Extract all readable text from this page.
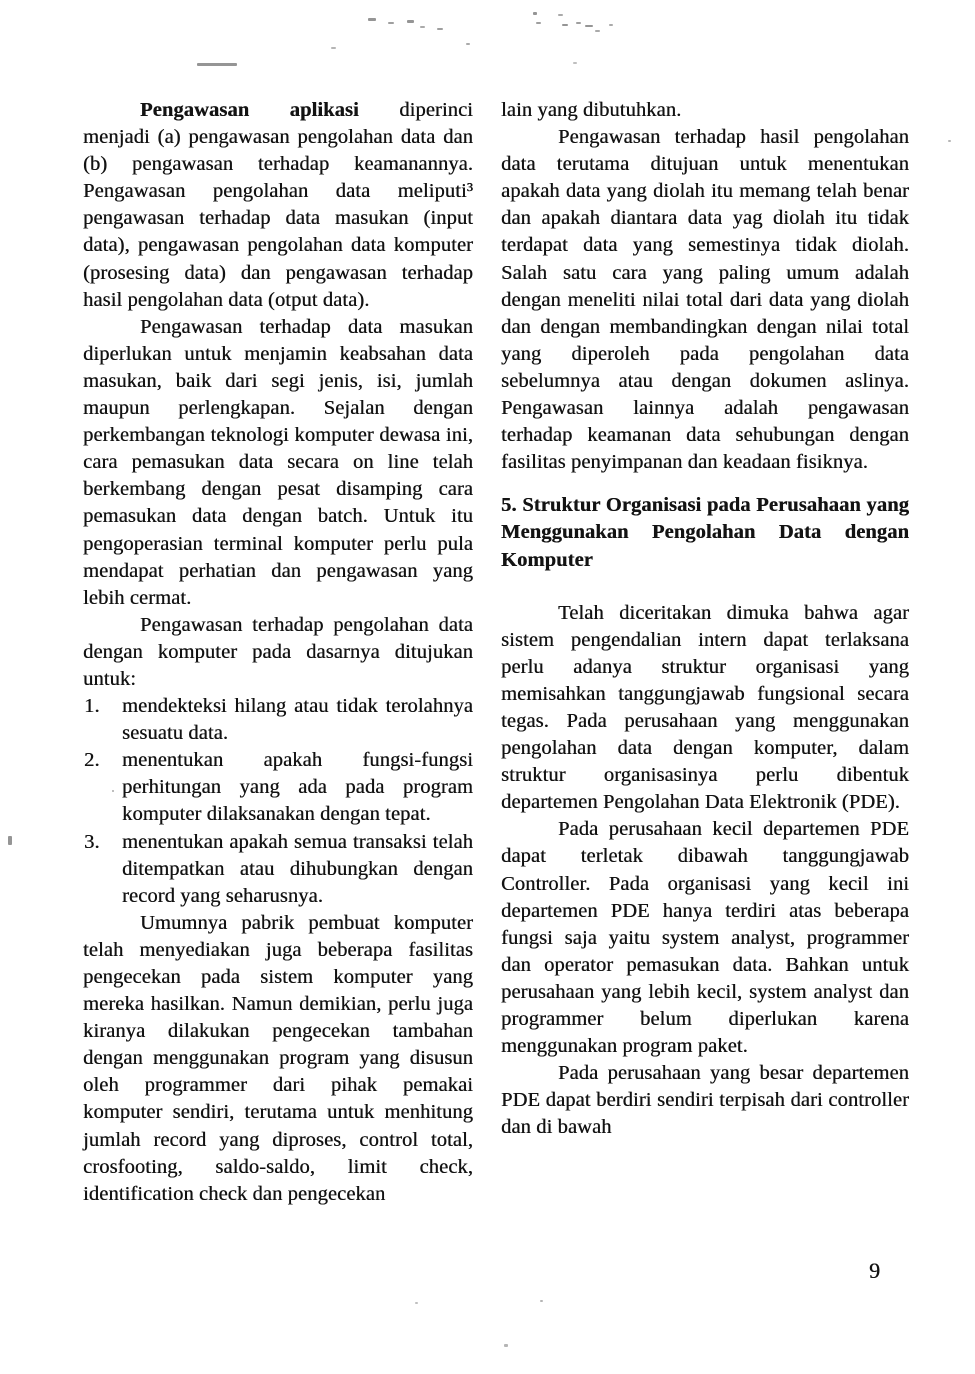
Pengawasan aplikasi diperinci menjadi (a) pengawasan pengolahan data dan (b) pengawasan terhadap keamanannya. Pengawasan pengolahan data meliputi³ pengawasan terhadap data masukan (input data), pengawasan pengolahan data komputer (prosesing data) dan pengawasan terhadap hasil pengolahan data (otput data).

Pengawasan terhadap data masukan diperlukan untuk menjamin keabsahan data masukan, baik dari segi jenis, isi, jumlah maupun perlengkapan. Sejalan dengan perkembangan teknologi komputer dewasa ini, cara pemasukan data secara on line telah berkembang dengan pesat disamping cara pemasukan data dengan batch. Untuk itu pengoperasian terminal komputer perlu pula mendapat perhatian dan pengawasan yang lebih cermat.

Pengawasan terhadap pengolahan data dengan komputer pada dasarnya ditujukan untuk:

mendekteksi hilang atau tidak terolahnya sesuatu data.
menentukan apakah fungsi-fungsi perhitungan yang ada pada program komputer dilaksanakan dengan tepat.
menentukan apakah semua transaksi telah ditempatkan atau dihubungkan dengan record yang seharusnya.

Umumnya pabrik pembuat komputer telah menyediakan juga beberapa fasilitas pengecekan pada sistem komputer yang mereka hasilkan. Namun demikian, perlu juga kiranya dilakukan pengecekan tambahan dengan menggunakan program yang disusun oleh programmer dari pihak pemakai komputer sendiri, terutama untuk menhitung jumlah record yang diproses, control total, crosfooting, saldo-saldo, limit check, identification check dan pengecekan

lain yang dibutuhkan.

Pengawasan terhadap hasil pengolahan data terutama ditujuan untuk menentukan apakah data yang diolah itu memang telah benar dan apakah diantara data yag diolah itu tidak terdapat data yang semestinya tidak diolah. Salah satu cara yang paling umum adalah dengan meneliti nilai total dari data yang diolah dan dengan membandingkan dengan nilai total yang diperoleh pada pengolahan data sebelumnya atau dengan dokumen aslinya. Pengawasan lainnya adalah pengawasan terhadap keamanan data sehubungan dengan fasilitas penyimpanan dan keadaan fisiknya.

5. Struktur Organisasi pada Perusahaan yang Menggunakan Pengolahan Data dengan Komputer

Telah diceritakan dimuka bahwa agar sistem pengendalian intern dapat terlaksana perlu adanya struktur organisasi yang memisahkan tanggungjawab fungsional secara tegas. Pada perusahaan yang menggunakan pengolahan data dengan komputer, dalam struktur organisasinya perlu dibentuk departemen Pengolahan Data Elektronik (PDE).

Pada perusahaan kecil departemen PDE dapat terletak dibawah tanggungjawab Controller. Pada organisasi yang kecil ini departemen PDE hanya terdiri atas beberapa fungsi saja yaitu system analyst, programmer dan operator pemasukan data. Bahkan untuk perusahaan yang lebih kecil, system analyst dan programmer belum diperlukan karena menggunakan program paket.

Pada perusahaan yang besar departemen PDE dapat berdiri sendiri terpisah dari controller dan di bawah

9
